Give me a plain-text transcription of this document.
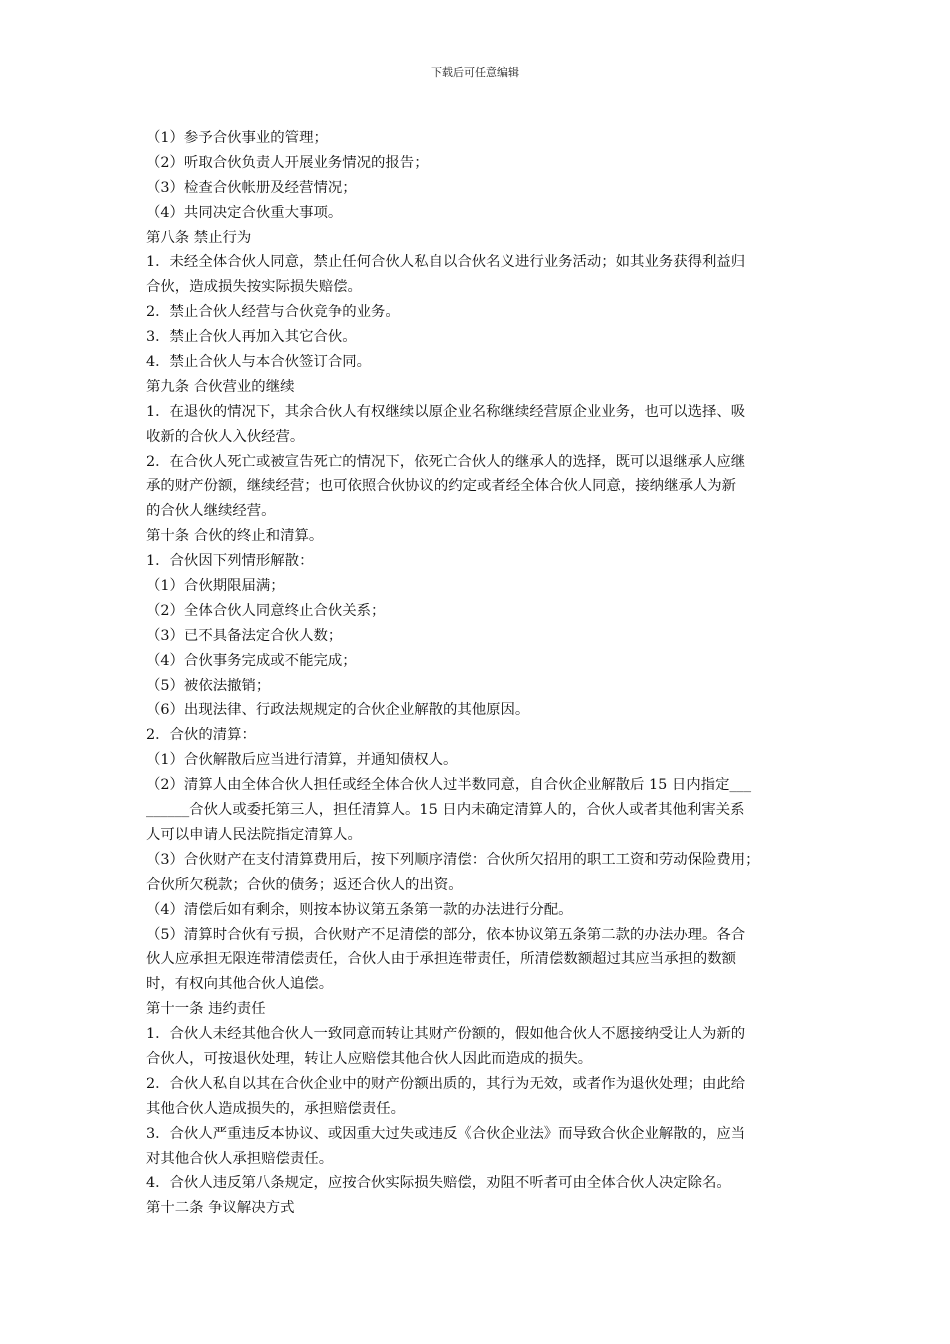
下载后可任意编辑
（1）参予合伙事业的管理；
（2）听取合伙负责人开展业务情况的报告；
（3）检查合伙帐册及经营情况；
（4）共同决定合伙重大事项。
第八条 禁止行为
1．未经全体合伙人同意，禁止任何合伙人私自以合伙名义进行业务活动；如其业务获得利益归
合伙，造成损失按实际损失赔偿。
2．禁止合伙人经营与合伙竞争的业务。
3．禁止合伙人再加入其它合伙。
4．禁止合伙人与本合伙签订合同。
第九条 合伙营业的继续
1．在退伙的情况下，其余合伙人有权继续以原企业名称继续经营原企业业务，也可以选择、吸
收新的合伙人入伙经营。
2．在合伙人死亡或被宣告死亡的情况下，依死亡合伙人的继承人的选择，既可以退继承人应继
承的财产份额，继续经营；也可依照合伙协议的约定或者经全体合伙人同意，接纳继承人为新
的合伙人继续经营。
第十条 合伙的终止和清算。
1．合伙因下列情形解散：
（1）合伙期限届满；
（2）全体合伙人同意终止合伙关系；
（3）已不具备法定合伙人数；
（4）合伙事务完成或不能完成；
（5）被依法撤销；
（6）出现法律、行政法规规定的合伙企业解散的其他原因。
2．合伙的清算：
（1）合伙解散后应当进行清算，并通知债权人。
（2）清算人由全体合伙人担任或经全体合伙人过半数同意，自合伙企业解散后 15 日内指定___
______合伙人或委托第三人，担任清算人。15 日内未确定清算人的，合伙人或者其他利害关系
人可以申请人民法院指定清算人。
（3）合伙财产在支付清算费用后，按下列顺序清偿：合伙所欠招用的职工工资和劳动保险费用；
合伙所欠税款；合伙的债务；返还合伙人的出资。
（4）清偿后如有剩余，则按本协议第五条第一款的办法进行分配。
（5）清算时合伙有亏损，合伙财产不足清偿的部分，依本协议第五条第二款的办法办理。各合
伙人应承担无限连带清偿责任，合伙人由于承担连带责任，所清偿数额超过其应当承担的数额
时，有权向其他合伙人追偿。
第十一条 违约责任
1．合伙人未经其他合伙人一致同意而转让其财产份额的，假如他合伙人不愿接纳受让人为新的
合伙人，可按退伙处理，转让人应赔偿其他合伙人因此而造成的损失。
2．合伙人私自以其在合伙企业中的财产份额出质的，其行为无效，或者作为退伙处理；由此给
其他合伙人造成损失的，承担赔偿责任。
3．合伙人严重违反本协议、或因重大过失或违反《合伙企业法》而导致合伙企业解散的，应当
对其他合伙人承担赔偿责任。
4．合伙人违反第八条规定，应按合伙实际损失赔偿，劝阻不听者可由全体合伙人决定除名。
第十二条 争议解决方式
